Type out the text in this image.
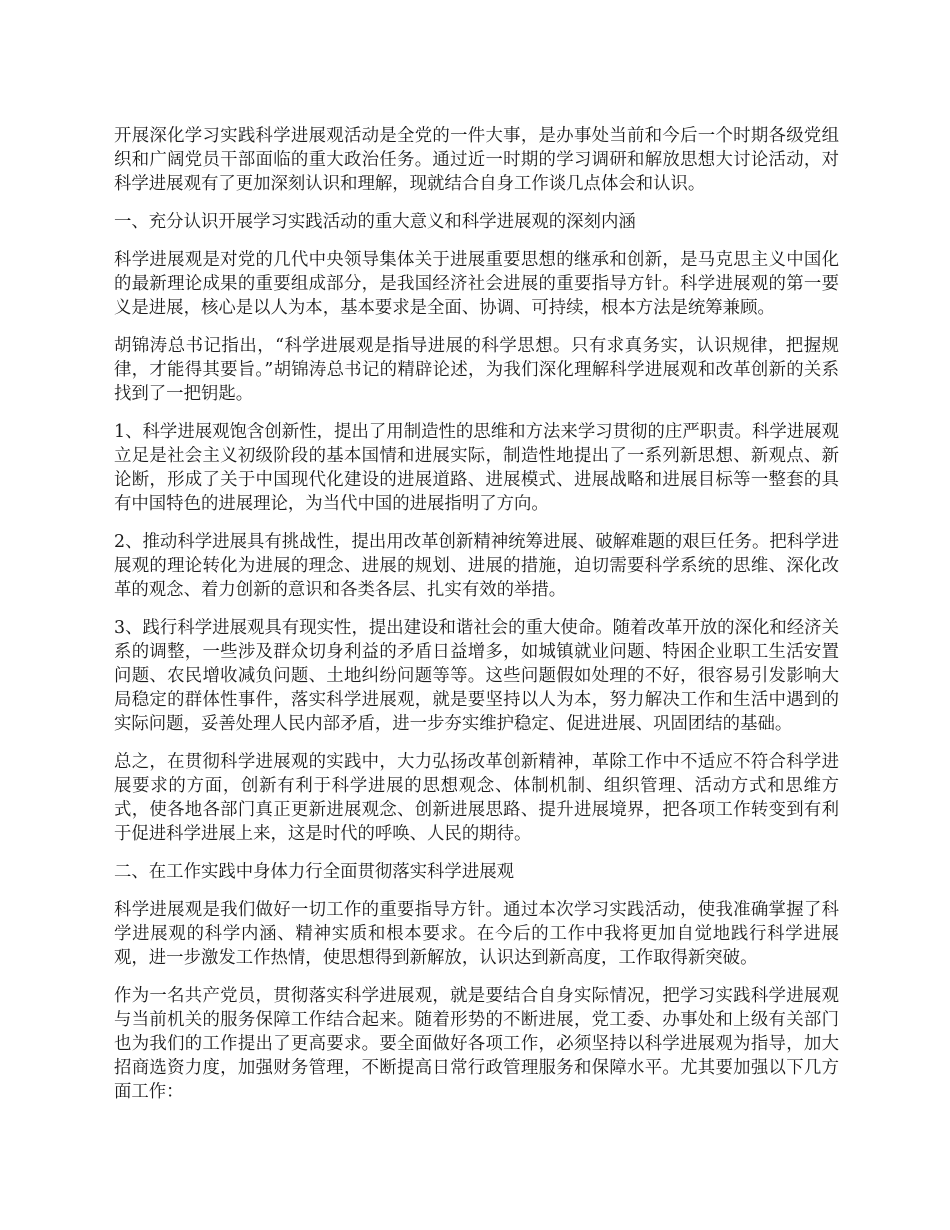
开展深化学习实践科学进展观活动是全党的一件大事，是办事处当前和今后一个时期各级党组织和广阔党员干部面临的重大政治任务。通过近一时期的学习调研和解放思想大讨论活动，对科学进展观有了更加深刻认识和理解，现就结合自身工作谈几点体会和认识。

一、充分认识开展学习实践活动的重大意义和科学进展观的深刻内涵

科学进展观是对党的几代中央领导集体关于进展重要思想的继承和创新，是马克思主义中国化的最新理论成果的重要组成部分，是我国经济社会进展的重要指导方针。科学进展观的第一要义是进展，核心是以人为本，基本要求是全面、协调、可持续，根本方法是统筹兼顾。

胡锦涛总书记指出，“科学进展观是指导进展的科学思想。只有求真务实，认识规律，把握规律，才能得其要旨。”胡锦涛总书记的精辟论述，为我们深化理解科学进展观和改革创新的关系找到了一把钥匙。

1、科学进展观饱含创新性，提出了用制造性的思维和方法来学习贯彻的庄严职责。科学进展观立足是社会主义初级阶段的基本国情和进展实际，制造性地提出了一系列新思想、新观点、新论断，形成了关于中国现代化建设的进展道路、进展模式、进展战略和进展目标等一整套的具有中国特色的进展理论，为当代中国的进展指明了方向。

2、推动科学进展具有挑战性，提出用改革创新精神统筹进展、破解难题的艰巨任务。把科学进展观的理论转化为进展的理念、进展的规划、进展的措施，迫切需要科学系统的思维、深化改革的观念、着力创新的意识和各类各层、扎实有效的举措。

3、践行科学进展观具有现实性，提出建设和谐社会的重大使命。随着改革开放的深化和经济关系的调整，一些涉及群众切身利益的矛盾日益增多，如城镇就业问题、特困企业职工生活安置问题、农民增收减负问题、土地纠纷问题等等。这些问题假如处理的不好，很容易引发影响大局稳定的群体性事件，落实科学进展观，就是要坚持以人为本，努力解决工作和生活中遇到的实际问题，妥善处理人民内部矛盾，进一步夯实维护稳定、促进进展、巩固团结的基础。

总之，在贯彻科学进展观的实践中，大力弘扬改革创新精神，革除工作中不适应不符合科学进展要求的方面，创新有利于科学进展的思想观念、体制机制、组织管理、活动方式和思维方式，使各地各部门真正更新进展观念、创新进展思路、提升进展境界，把各项工作转变到有利于促进科学进展上来，这是时代的呼唤、人民的期待。

二、在工作实践中身体力行全面贯彻落实科学进展观

科学进展观是我们做好一切工作的重要指导方针。通过本次学习实践活动，使我准确掌握了科学进展观的科学内涵、精神实质和根本要求。在今后的工作中我将更加自觉地践行科学进展观，进一步激发工作热情，使思想得到新解放，认识达到新高度，工作取得新突破。

作为一名共产党员，贯彻落实科学进展观，就是要结合自身实际情况，把学习实践科学进展观与当前机关的服务保障工作结合起来。随着形势的不断进展，党工委、办事处和上级有关部门也为我们的工作提出了更高要求。要全面做好各项工作，必须坚持以科学进展观为指导，加大招商选资力度，加强财务管理，不断提高日常行政管理服务和保障水平。尤其要加强以下几方面工作：
